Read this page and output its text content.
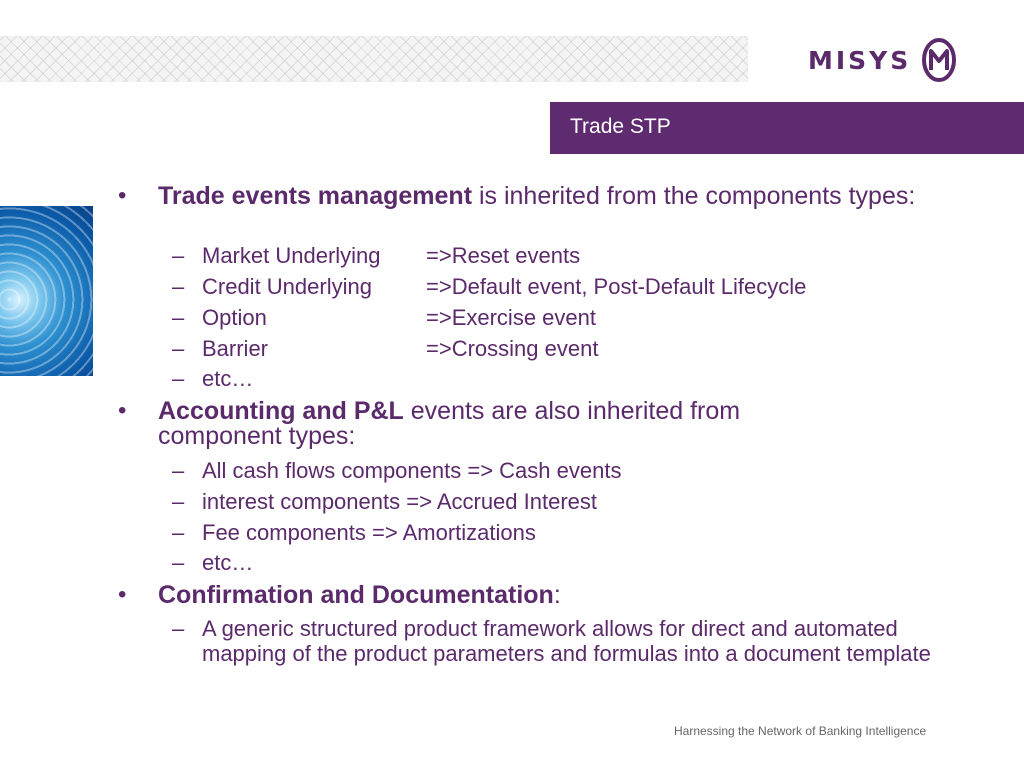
MISYS
Trade STP
• Trade events management is inherited from the components types:
– Market Underlying =>Reset events
– Credit Underlying =>Default event, Post-Default Lifecycle
– Option	=>Exercise event
– Barrier	=>Crossing event
– etc…
• Accounting and P&L events are also inherited from component types:
– All cash flows components => Cash events
– interest components => Accrued Interest
– Fee components => Amortizations
– etc…
• Confirmation and Documentation:
– A generic structured product framework allows for direct and automated mapping of the product parameters and formulas into a document template
Harnessing the Network of Banking Intelligence
